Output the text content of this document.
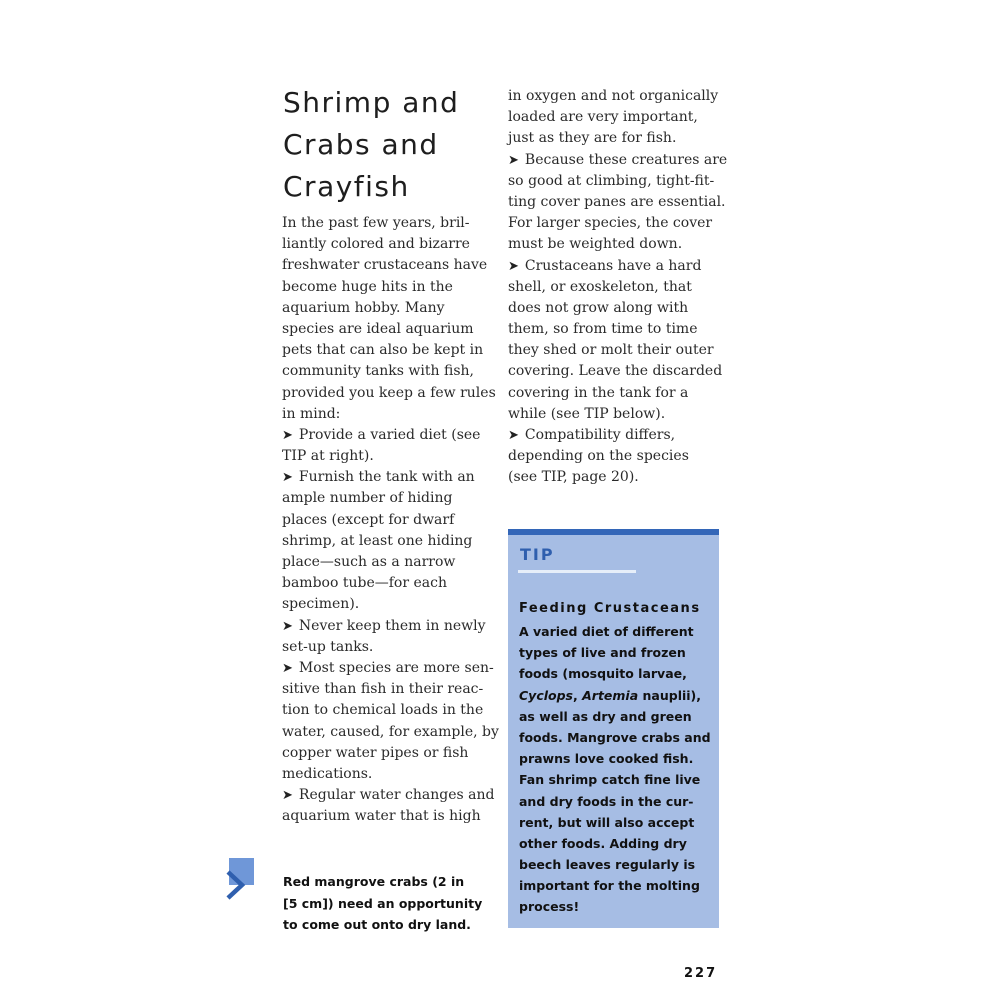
Shrimp and
Crabs and
Crayfish
In the past few years, bril-
liantly colored and bizarre
freshwater crustaceans have
become huge hits in the
aquarium hobby. Many
species are ideal aquarium
pets that can also be kept in
community tanks with fish,
provided you keep a few rules
in mind:
➤ Provide a varied diet (see
TIP at right).
➤ Furnish the tank with an
ample number of hiding
places (except for dwarf
shrimp, at least one hiding
place—such as a narrow
bamboo tube—for each
specimen).
➤ Never keep them in newly
set-up tanks.
➤ Most species are more sen-
sitive than fish in their reac-
tion to chemical loads in the
water, caused, for example, by
copper water pipes or fish
medications.
➤ Regular water changes and
aquarium water that is high
in oxygen and not organically
loaded are very important,
just as they are for fish.
➤ Because these creatures are
so good at climbing, tight-fit-
ting cover panes are essential.
For larger species, the cover
must be weighted down.
➤ Crustaceans have a hard
shell, or exoskeleton, that
does not grow along with
them, so from time to time
they shed or molt their outer
covering. Leave the discarded
covering in the tank for a
while (see TIP below).
➤ Compatibility differs,
depending on the species
(see TIP, page 20).

TIP

Feeding Crustaceans

A varied diet of different
types of live and frozen
foods (mosquito larvae,
Cyclops, Artemia nauplii),
as well as dry and green
foods. Mangrove crabs and
prawns love cooked fish.
Fan shrimp catch fine live
and dry foods in the cur-
rent, but will also accept
other foods. Adding dry
beech leaves regularly is
important for the molting
process!
Red mangrove crabs (2 in
[5 cm]) need an opportunity
to come out onto dry land.
227
